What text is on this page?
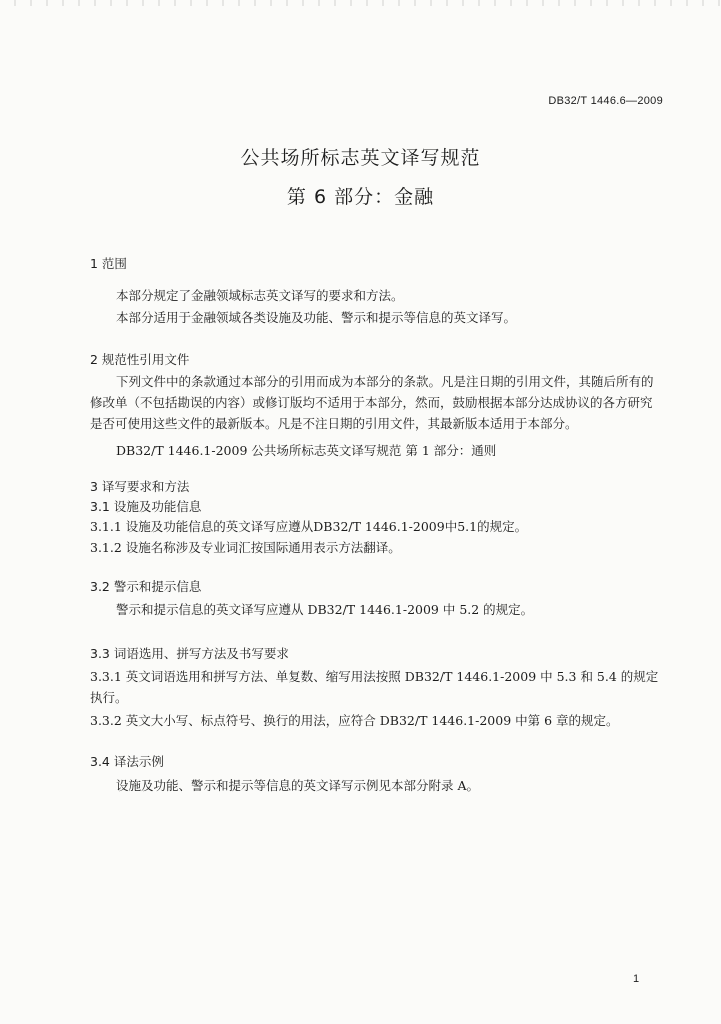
DB32/T 1446.6—2009
公共场所标志英文译写规范
第 6 部分：金融
1 范围
本部分规定了金融领域标志英文译写的要求和方法。
本部分适用于金融领域各类设施及功能、警示和提示等信息的英文译写。
2 规范性引用文件
下列文件中的条款通过本部分的引用而成为本部分的条款。凡是注日期的引用文件，其随后所有的修改单（不包括勘误的内容）或修订版均不适用于本部分，然而，鼓励根据本部分达成协议的各方研究是否可使用这些文件的最新版本。凡是不注日期的引用文件，其最新版本适用于本部分。
DB32/T 1446.1-2009 公共场所标志英文译写规范 第 1 部分：通则
3 译写要求和方法
3.1 设施及功能信息
3.1.1 设施及功能信息的英文译写应遵从DB32/T 1446.1-2009中5.1的规定。
3.1.2 设施名称涉及专业词汇按国际通用表示方法翻译。
3.2 警示和提示信息
警示和提示信息的英文译写应遵从 DB32/T 1446.1-2009 中 5.2 的规定。
3.3 词语选用、拼写方法及书写要求
3.3.1 英文词语选用和拼写方法、单复数、缩写用法按照 DB32/T 1446.1-2009 中 5.3 和 5.4 的规定执行。
3.3.2 英文大小写、标点符号、换行的用法，应符合 DB32/T 1446.1-2009 中第 6 章的规定。
3.4 译法示例
设施及功能、警示和提示等信息的英文译写示例见本部分附录 A。
1
